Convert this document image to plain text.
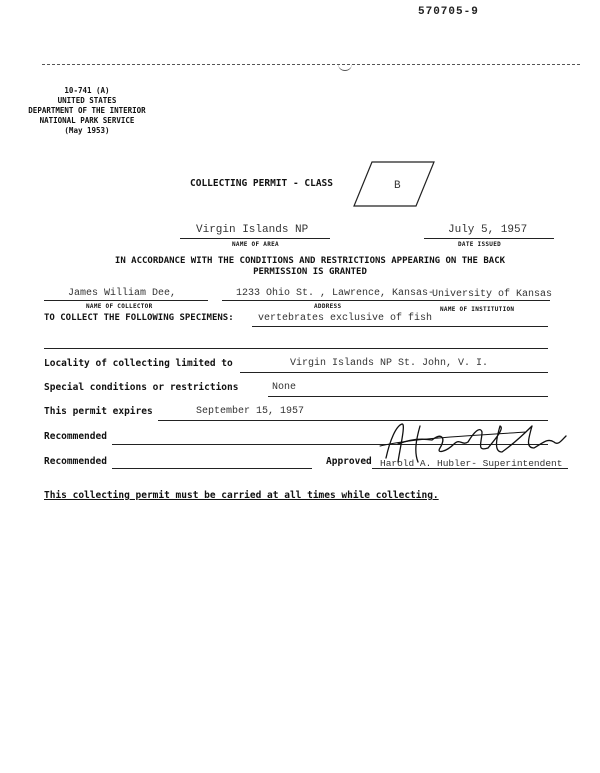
570705-9
10-741 (A)
UNITED STATES
DEPARTMENT OF THE INTERIOR
NATIONAL PARK SERVICE
(May 1953)
COLLECTING PERMIT - CLASS	B
Virgin Islands NP
NAME OF AREA
July 5, 1957
DATE ISSUED
IN ACCORDANCE WITH THE CONDITIONS AND RESTRICTIONS APPEARING ON THE BACK
PERMISSION IS GRANTED
James William Dee,
NAME OF COLLECTOR
1233 Ohio St. , Lawrence, Kansas-
ADDRESS
University of Kansas
NAME OF INSTITUTION
TO COLLECT THE FOLLOWING SPECIMENS: vertebrates exclusive of fish
Locality of collecting limited to	Virgin Islands NP St. John, V. I.
Special conditions or restrictions	None
This permit expires	September 15, 1957
Recommended
Recommended	Approved Harold A. Hubler- Superintendent
This collecting permit must be carried at all times while collecting.
